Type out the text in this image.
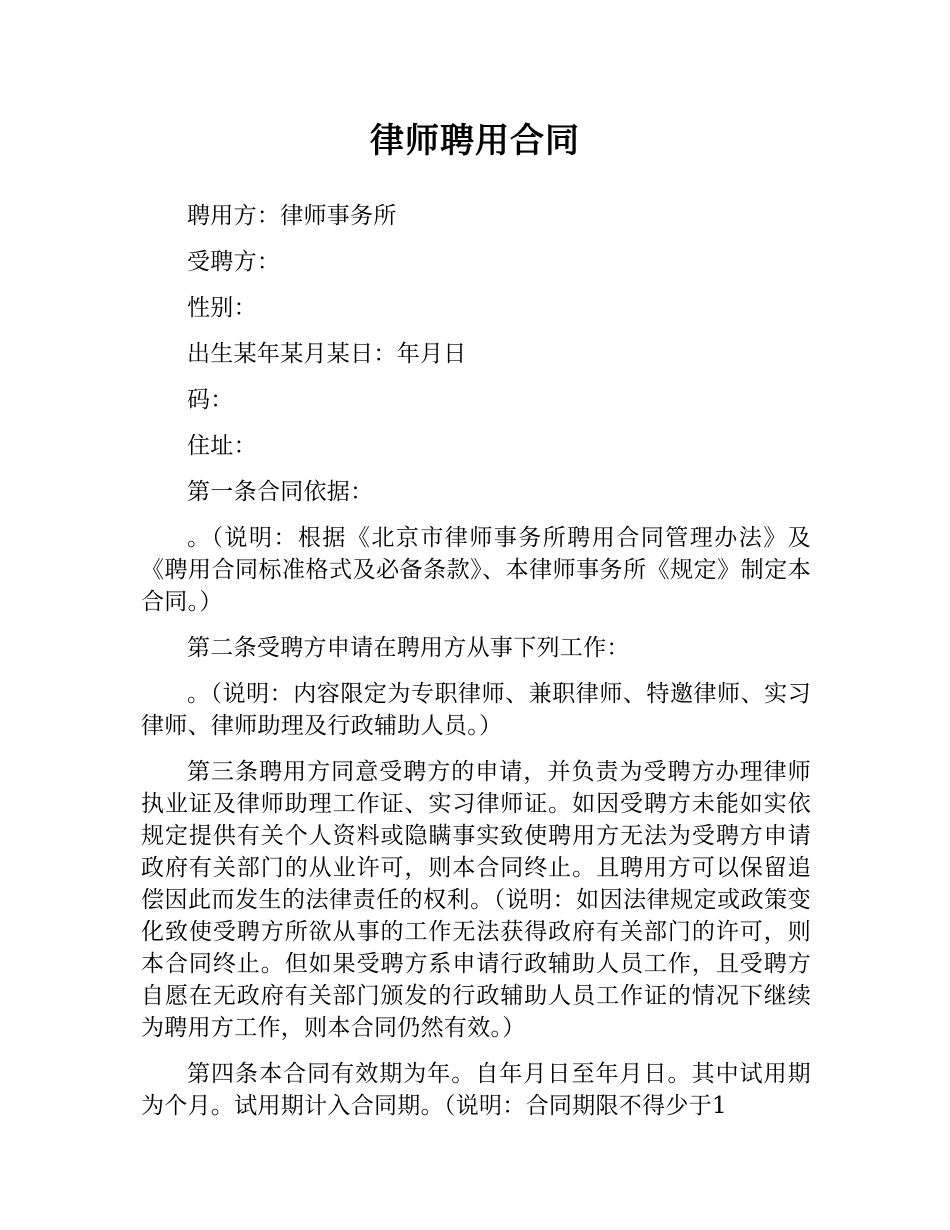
律师聘用合同

聘用方：律师事务所

受聘方：

性别：

出生某年某月某日：年月日

码：

住址：

第一条合同依据：

。（说明：根据《北京市律师事务所聘用合同管理办法》及《聘用合同标准格式及必备条款》、本律师事务所《规定》制定本合同。）

第二条受聘方申请在聘用方从事下列工作：

。（说明：内容限定为专职律师、兼职律师、特邀律师、实习律师、律师助理及行政辅助人员。）

第三条聘用方同意受聘方的申请，并负责为受聘方办理律师执业证及律师助理工作证、实习律师证。如因受聘方未能如实依规定提供有关个人资料或隐瞒事实致使聘用方无法为受聘方申请政府有关部门的从业许可，则本合同终止。且聘用方可以保留追偿因此而发生的法律责任的权利。（说明：如因法律规定或政策变化致使受聘方所欲从事的工作无法获得政府有关部门的许可，则本合同终止。但如果受聘方系申请行政辅助人员工作，且受聘方自愿在无政府有关部门颁发的行政辅助人员工作证的情况下继续为聘用方工作，则本合同仍然有效。）

第四条本合同有效期为年。自年月日至年月日。其中试用期为个月。试用期计入合同期。（说明：合同期限不得少于1
